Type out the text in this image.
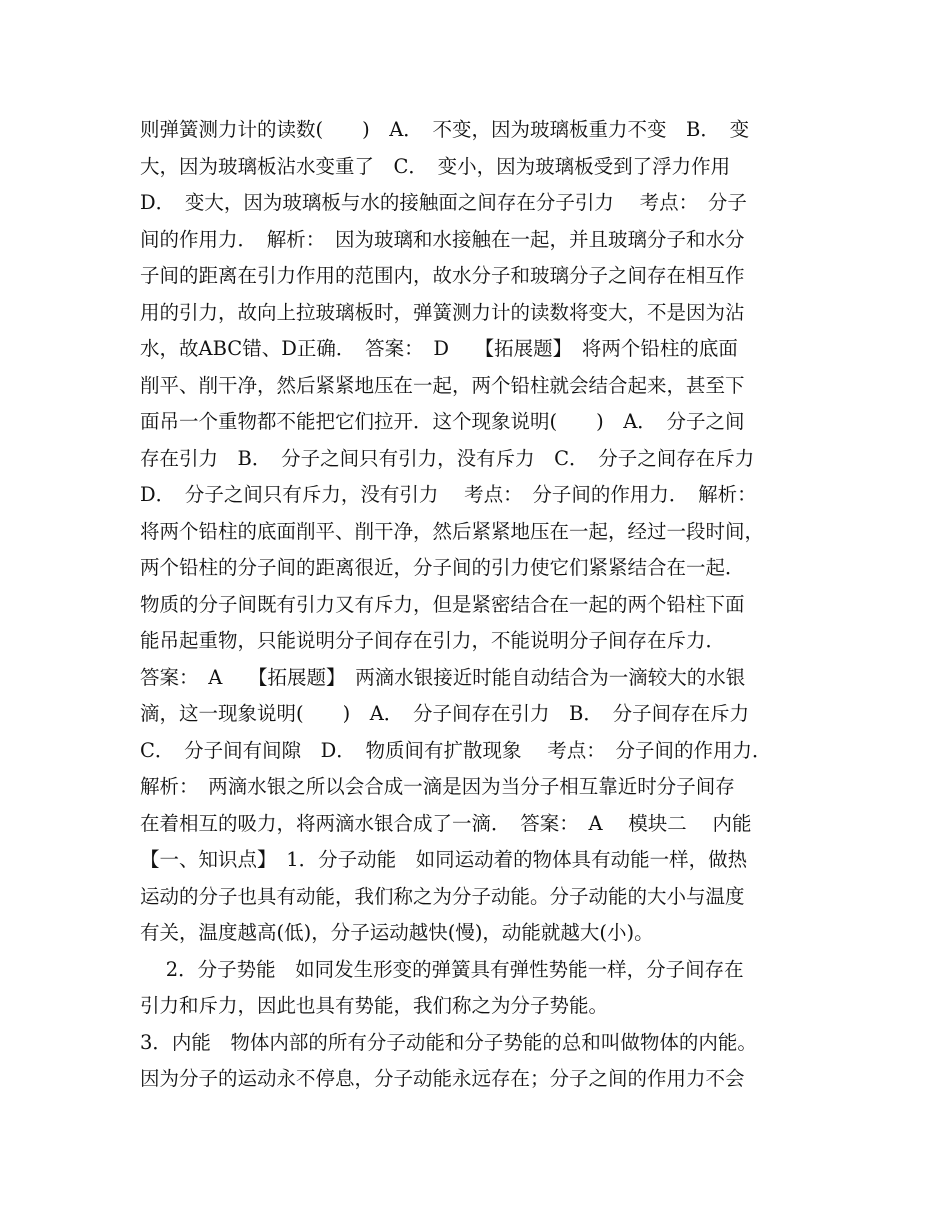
则弹簧测力计的读数(　　)　A．　不变，因为玻璃板重力不变　B．　变
大，因为玻璃板沾水变重了　C．　变小，因为玻璃板受到了浮力作用
D．　变大，因为玻璃板与水的接触面之间存在分子引力　 考点：　分子
间的作用力．　解析：　因为玻璃和水接触在一起，并且玻璃分子和水分
子间的距离在引力作用的范围内，故水分子和玻璃分子之间存在相互作
用的引力，故向上拉玻璃板时，弹簧测力计的读数将变大，不是因为沾
水，故ABC错、D正确．　答案：　D　 【拓展题】　将两个铅柱的底面
削平、削干净，然后紧紧地压在一起，两个铅柱就会结合起来，甚至下
面吊一个重物都不能把它们拉开．这个现象说明(　　)　A．　分子之间
存在引力　B．　分子之间只有引力，没有斥力　C．　分子之间存在斥力
D．　分子之间只有斥力，没有引力　 考点：　分子间的作用力．　解析：
将两个铅柱的底面削平、削干净，然后紧紧地压在一起，经过一段时间，
两个铅柱的分子间的距离很近，分子间的引力使它们紧紧结合在一起．
物质的分子间既有引力又有斥力，但是紧密结合在一起的两个铅柱下面
能吊起重物，只能说明分子间存在引力，不能说明分子间存在斥力．
答案：　A　 【拓展题】　两滴水银接近时能自动结合为一滴较大的水银
滴，这一现象说明(　　)　A．　分子间存在引力　B．　分子间存在斥力
C．　分子间有间隙　D．　物质间有扩散现象　 考点：　分子间的作用力．
解析：　两滴水银之所以会合成一滴是因为当分子相互靠近时分子间存
在着相互的吸力，将两滴水银合成了一滴．　答案：　A　 模块二　 内能
【一、知识点】　1．分子动能　如同运动着的物体具有动能一样，做热
运动的分子也具有动能，我们称之为分子动能。分子动能的大小与温度
有关，温度越高(低)，分子运动越快(慢)，动能就越大(小)。
　 2．分子势能　如同发生形变的弹簧具有弹性势能一样，分子间存在
引力和斥力，因此也具有势能，我们称之为分子势能。
3．内能　物体内部的所有分子动能和分子势能的总和叫做物体的内能。
因为分子的运动永不停息，分子动能永远存在；分子之间的作用力不会
